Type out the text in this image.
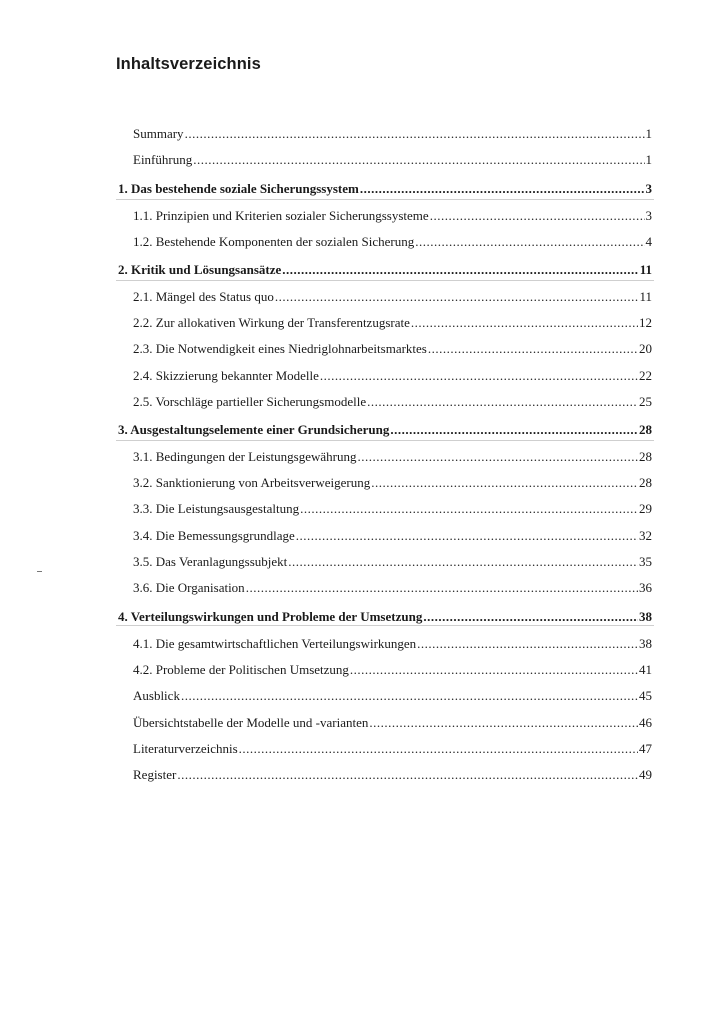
Inhaltsverzeichnis
Summary .....	1
Einführung .....	1
1. Das bestehende soziale Sicherungssystem .....	3
1.1. Prinzipien und Kriterien sozialer Sicherungssysteme .....	3
1.2. Bestehende Komponenten der sozialen Sicherung .....	4
2. Kritik und Lösungsansätze .....	11
2.1. Mängel des Status quo .....	11
2.2. Zur allokativen Wirkung der Transferentzugsrate .....	12
2.3. Die Notwendigkeit eines Niedriglohnarbeitsmarktes .....	20
2.4. Skizzierung bekannter Modelle .....	22
2.5. Vorschläge partieller Sicherungsmodelle .....	25
3. Ausgestaltungselemente einer Grundsicherung .....	28
3.1. Bedingungen der Leistungsgewährung .....	28
3.2. Sanktionierung von Arbeitsverweigerung .....	28
3.3. Die Leistungsausgestaltung .....	29
3.4. Die Bemessungsgrundlage .....	32
3.5. Das Veranlagungssubjekt .....	35
3.6. Die Organisation .....	36
4. Verteilungswirkungen und Probleme der Umsetzung .....	38
4.1. Die gesamtwirtschaftlichen Verteilungswirkungen .....	38
4.2. Probleme der Politischen Umsetzung .....	41
Ausblick .....	45
Übersichtstabelle der Modelle und -varianten .....	46
Literaturverzeichnis .....	47
Register .....	49
